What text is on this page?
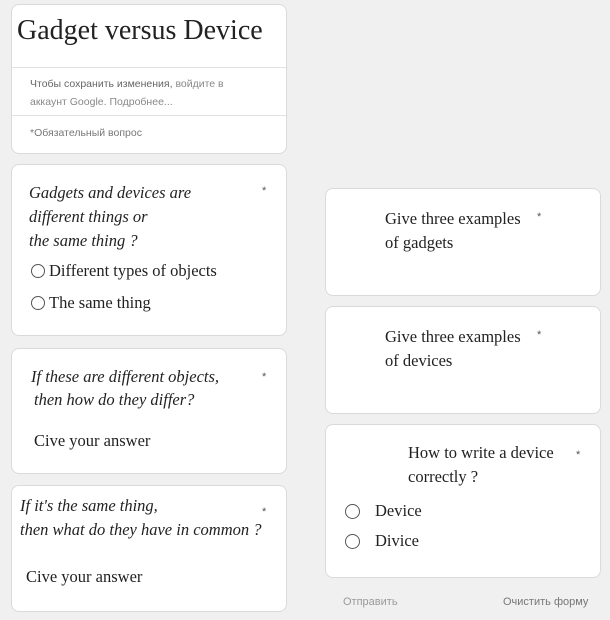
Gadget versus Device
Чтобы сохранить изменения, войдите в
аккаунт Google. Подробнее...
*Обязательный вопрос
Gadgets and devices are
different things or
the same thing ?
*
Different types of objects
The same thing
If these are different objects,
then how do they differ?
*
Cive your answer
If it's the same thing,
then what do they have in common ?
*
Cive your answer
Give three examples
of gadgets
*
Give three examples
of devices
*
How to write a device
correctly ?
*
Device
Divice
Отправить	Очистить форму
